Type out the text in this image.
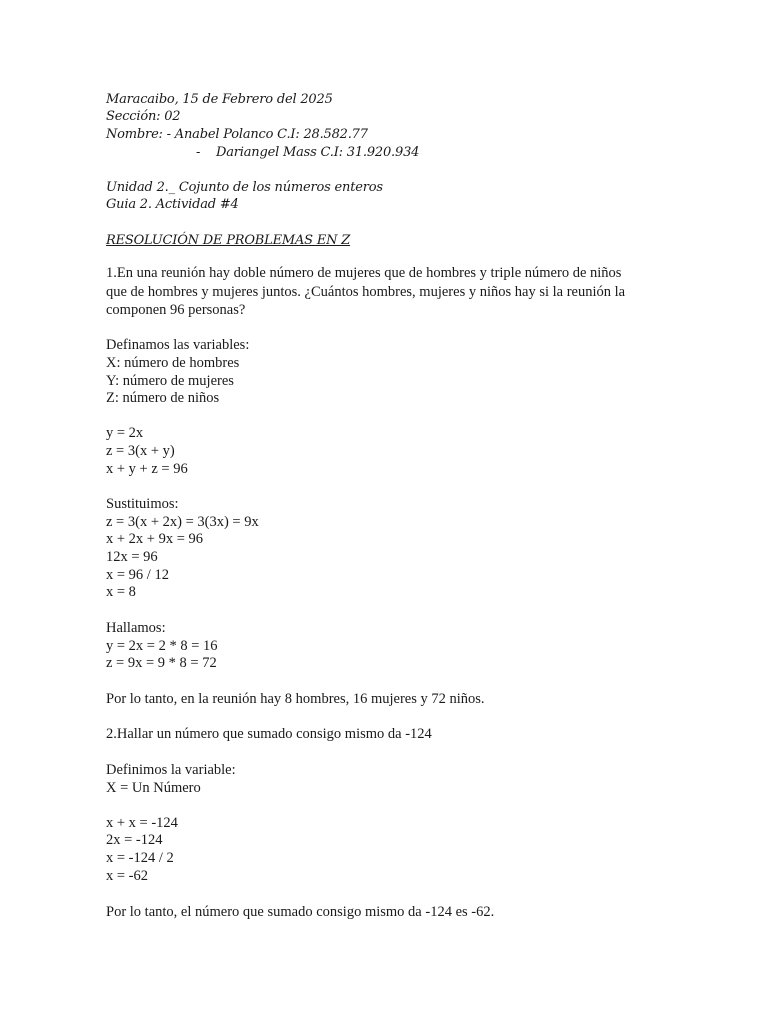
Maracaibo, 15 de Febrero del 2025
Sección: 02
Nombre: - Anabel Polanco C.I: 28.582.77
- Dariangel Mass C.I: 31.920.934
Unidad 2._ Cojunto de los números enteros
Guia 2. Actividad #4
RESOLUCIÓN DE PROBLEMAS EN Z
1.En una reunión hay doble número de mujeres que de hombres y triple número de niños
que de hombres y mujeres juntos. ¿Cuántos hombres, mujeres y niños hay si la reunión la
componen 96 personas?
Definamos las variables:
X: número de hombres
Y: número de mujeres
Z: número de niños
y = 2x
z = 3(x + y)
x + y + z = 96
Sustituimos:
z = 3(x + 2x) = 3(3x) = 9x
x + 2x + 9x = 96
12x = 96
x = 96 / 12
x = 8
Hallamos:
y = 2x = 2 * 8 = 16
z = 9x = 9 * 8 = 72
Por lo tanto, en la reunión hay 8 hombres, 16 mujeres y 72 niños.
2.Hallar un número que sumado consigo mismo da -124
Definimos la variable:
X = Un Número
x + x = -124
2x = -124
x = -124 / 2
x = -62
Por lo tanto, el número que sumado consigo mismo da -124 es -62.
